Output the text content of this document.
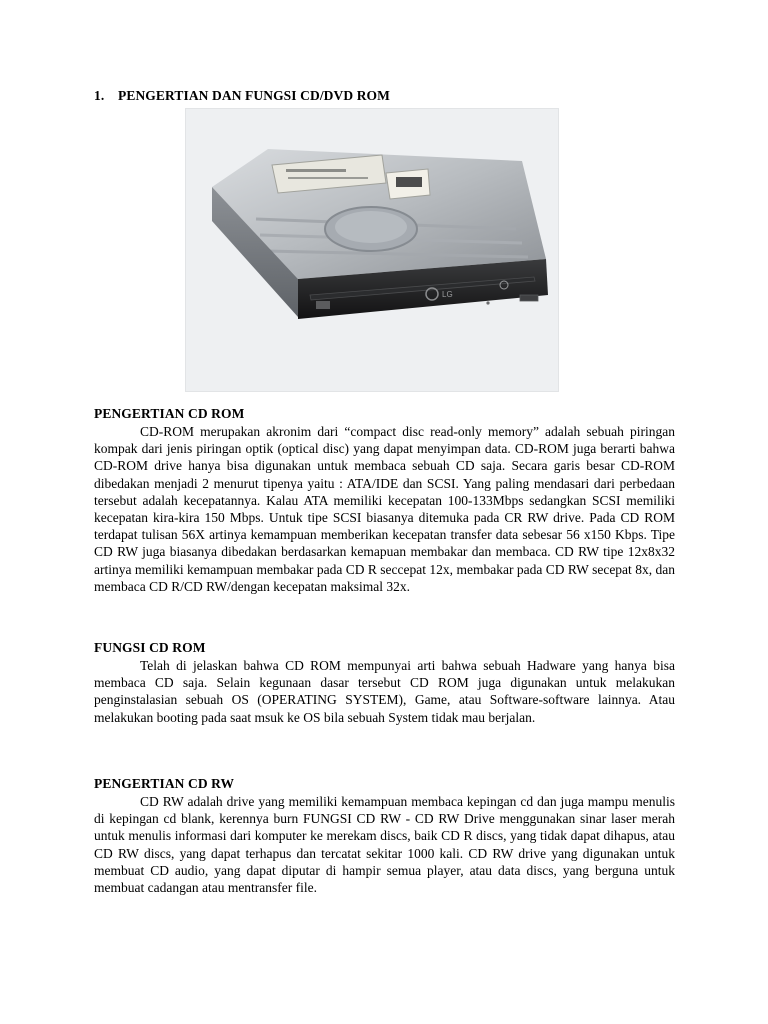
1. PENGERTIAN DAN FUNGSI CD/DVD ROM
LG
PENGERTIAN CD ROM

CD-ROM merupakan akronim dari “compact disc read-only memory” adalah sebuah piringan kompak dari jenis piringan optik (optical disc) yang dapat menyimpan data. CD-ROM juga berarti bahwa CD-ROM drive hanya bisa digunakan untuk membaca sebuah CD saja. Secara garis besar CD-ROM dibedakan menjadi 2 menurut tipenya yaitu : ATA/IDE dan SCSI. Yang paling mendasari dari perbedaan tersebut adalah kecepatannya. Kalau ATA memiliki kecepatan 100-133Mbps sedangkan SCSI memiliki kecepatan kira-kira 150 Mbps. Untuk tipe SCSI biasanya ditemuka pada CR RW drive. Pada CD ROM terdapat tulisan 56X artinya kemampuan memberikan kecepatan transfer data sebesar 56 x150 Kbps. Tipe CD RW juga biasanya dibedakan berdasarkan kemapuan membakar dan membaca. CD RW tipe 12x8x32 artinya memiliki kemampuan membakar pada CD R seccepat 12x, membakar pada CD RW secepat 8x, dan membaca CD R/CD RW/dengan kecepatan maksimal 32x.

FUNGSI CD ROM

Telah di jelaskan bahwa CD ROM mempunyai arti bahwa sebuah Hadware yang hanya bisa membaca CD saja. Selain kegunaan dasar tersebut CD ROM juga digunakan untuk melakukan penginstalasian sebuah OS (OPERATING SYSTEM), Game, atau Software-software lainnya. Atau melakukan booting pada saat msuk ke OS bila sebuah System tidak mau berjalan.

PENGERTIAN CD RW

CD RW adalah drive yang memiliki kemampuan membaca kepingan cd dan juga mampu menulis di kepingan cd blank, kerennya burn FUNGSI CD RW - CD RW Drive menggunakan sinar laser merah untuk menulis informasi dari komputer ke merekam discs, baik CD R discs, yang tidak dapat dihapus, atau CD RW discs, yang dapat terhapus dan tercatat sekitar 1000 kali. CD RW drive yang digunakan untuk membuat CD audio, yang dapat diputar di hampir semua player, atau data discs, yang berguna untuk membuat cadangan atau mentransfer file.
